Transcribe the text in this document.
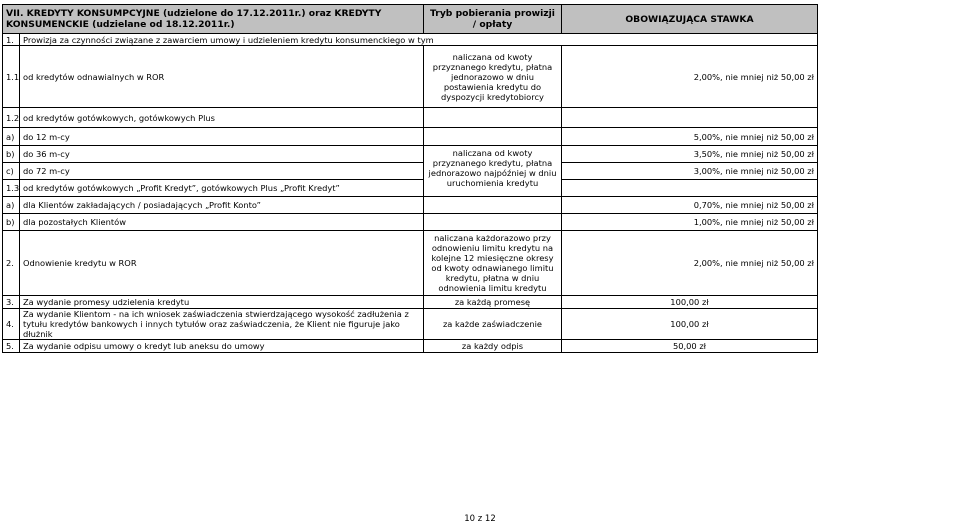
VII. KREDYTY KONSUMPCYJNE (udzielone do 17.12.2011r.) oraz KREDYTY KONSUMENCKIE (udzielane od 18.12.2011r.)		Tryb pobierania prowizji / opłaty	OBOWIĄZUJĄCA STAWKA
1.	Prowizja za czynności związane z zawarciem umowy i udzieleniem kredytu konsumenckiego w tym		
1.1	od kredytów odnawialnych w ROR	naliczana od kwoty przyznanego kredytu, płatna jednorazowo w dniu postawienia kredytu do dyspozycji kredytobiorcy	2,00%, nie mniej niż 50,00 zł
1.2	od kredytów gotówkowych, gotówkowych Plus		
a)	do 12 m-cy		5,00%, nie mniej niż 50,00 zł
b)	do 36 m-cy	naliczana od kwoty przyznanego kredytu, płatna jednorazowo najpóźniej w dniu uruchomienia kredytu	3,50%, nie mniej niż 50,00 zł
c)	do 72 m-cy		3,00%, nie mniej niż 50,00 zł
1.3	od kredytów gotówkowych „Profit Kredyt”, gotówkowych Plus „Profit Kredyt”		
a)	dla Klientów zakładających / posiadających „Profit Konto”		0,70%, nie mniej niż 50,00 zł
b)	dla pozostałych Klientów		1,00%, nie mniej niż 50,00 zł
2.	Odnowienie kredytu w ROR	naliczana każdorazowo przy odnowieniu limitu kredytu na kolejne 12 miesięczne okresy od kwoty odnawianego limitu kredytu, płatna w dniu odnowienia limitu kredytu	2,00%, nie mniej niż 50,00 zł
3.	Za wydanie promesy udzielenia kredytu	za każdą promesę	100,00 zł
4.	Za wydanie Klientom - na ich wniosek zaświadczenia stwierdzającego wysokość zadłużenia z tytułu kredytów bankowych i innych tytułów oraz zaświadczenia, że Klient nie figuruje jako dłużnik	za każde zaświadczenie	100,00 zł
5.	Za wydanie odpisu umowy o kredyt lub aneksu do umowy	za każdy odpis	50,00 zł
10 z 12
